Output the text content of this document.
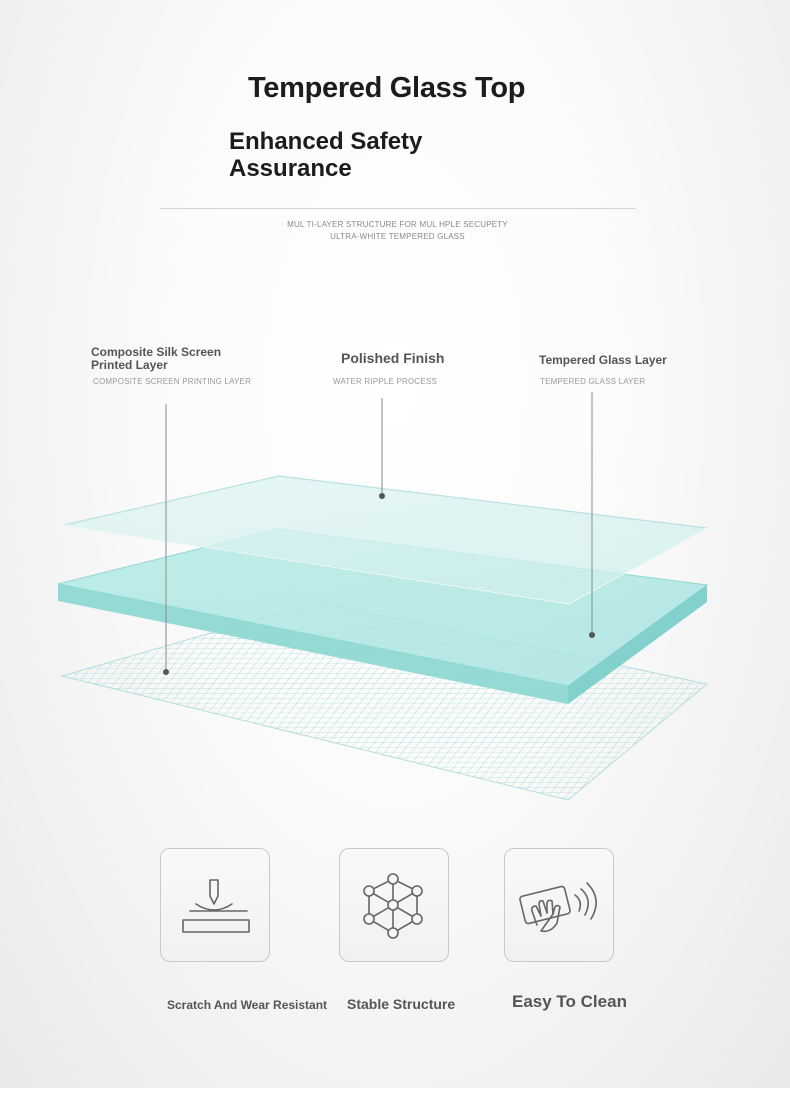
Tempered Glass Top
Enhanced Safety Assurance
MUL TI-LAYER STRUCTURE FOR MUL HPLE SECUPETY
ULTRA-WHITE TEMPERED GLASS
Composite Silk Screen Printed Layer
COMPOSITE SCREEN PRINTING LAYER
Polished Finish
WATER RIPPLE PROCESS
Tempered Glass Layer
TEMPERED GLASS LAYER
Scratch And Wear Resistant Stable Structure	Easy To Clean
